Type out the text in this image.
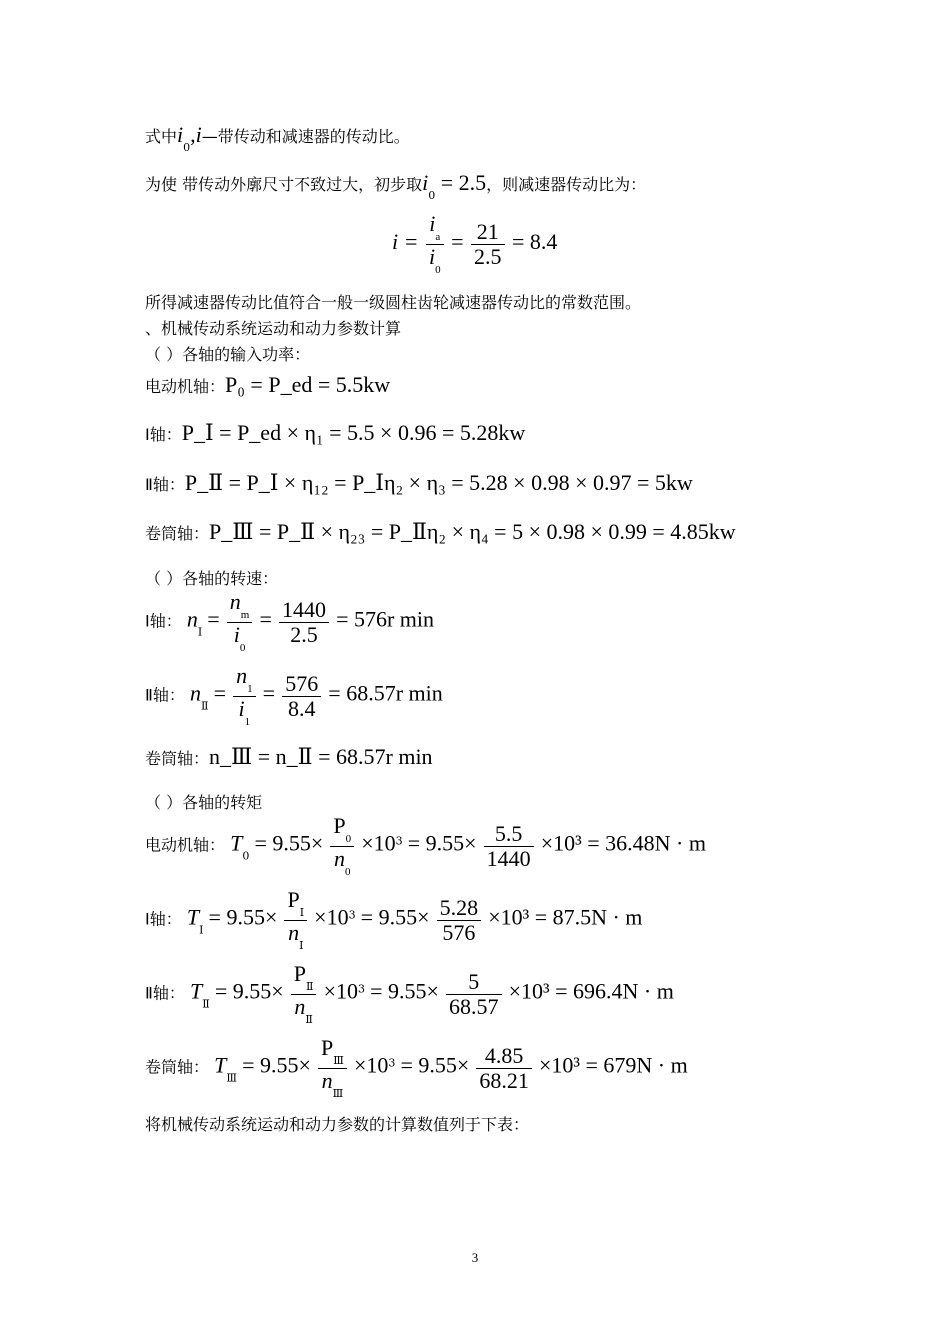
式中$i_0,i—$带传动和减速器的传动比。
为使 带传动外廓尺寸不致过大，初步取$i_0 = 2.5$，则减速器传动比为：
$i = \frac{i_a}{i_0} = \frac{21}{2.5} = 8.4$
所得减速器传动比值符合一般一级圆柱齿轮减速器传动比的常数范围。
、机械传动系统运动和动力参数计算
（ ）各轴的输入功率：
电动机轴：P₀ = P_ed = 5.5kw
Ⅰ轴：P_Ⅰ = P_ed × η₁ = 5.5 × 0.96 = 5.28kw
Ⅱ轴：P_Ⅱ = P_Ⅰ × η₁₂ = P_Ⅰη₂ × η₃ = 5.28 × 0.98 × 0.97 = 5kw
卷筒轴：P_Ⅲ = P_Ⅱ × η₂₃ = P_Ⅱη₂ × η₄ = 5 × 0.98 × 0.99 = 4.85kw
（ ）各轴的转速：
Ⅰ轴： $n_Ⅰ = \frac{n_m}{i_0} = \frac{1440}{2.5} = 576r$ min
Ⅱ轴： $n_Ⅱ = \frac{n_1}{i_1} = \frac{576}{8.4} = 68.57r$ min
卷筒轴：n_Ⅲ = n_Ⅱ = 68.57r min
（ ）各轴的转矩
电动机轴： $T_0 = 9.55\times \frac{P_0}{n_0} \times 10^3 = 9.55\times \frac{5.5}{1440} \times 10^3 = 36.48N \cdot m$
Ⅰ轴： $T_Ⅰ = 9.55\times \frac{P_Ⅰ}{n_Ⅰ} \times 10^3 = 9.55\times \frac{5.28}{576} \times 10^3 = 87.5N \cdot m$
Ⅱ轴： $T_Ⅱ = 9.55\times \frac{P_Ⅱ}{n_Ⅱ} \times 10^3 = 9.55\times \frac{5}{68.57} \times 10^3 = 696.4N \cdot m$
卷筒轴： $T_Ⅲ = 9.55\times \frac{P_Ⅲ}{n_Ⅲ} \times 10^3 = 9.55\times \frac{4.85}{68.21} \times 10^3 = 679N \cdot m$
将机械传动系统运动和动力参数的计算数值列于下表：
3
